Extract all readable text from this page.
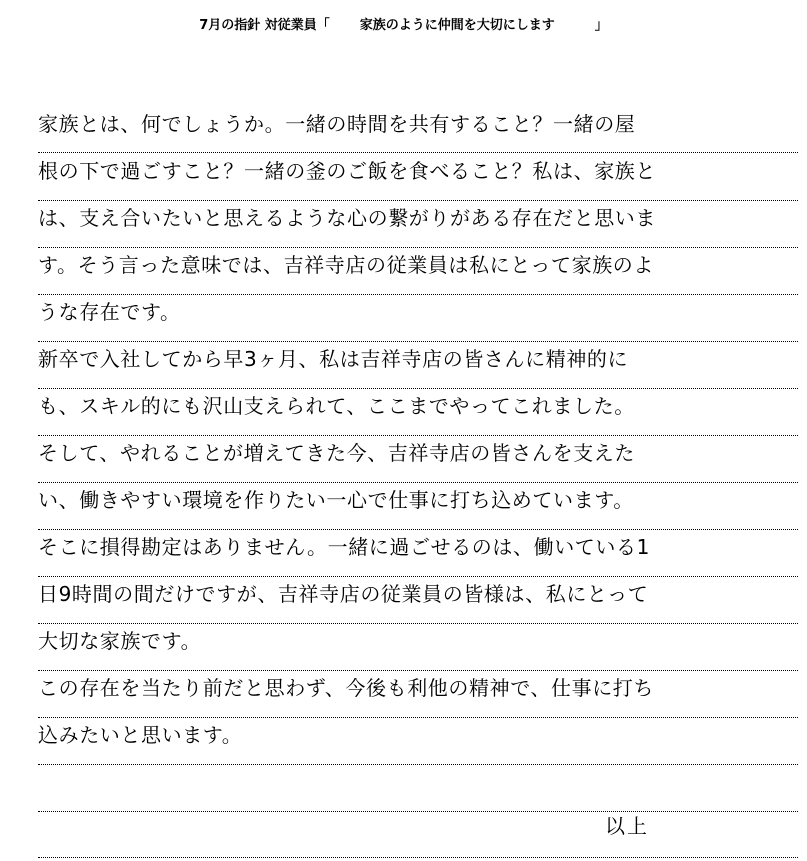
7月の指針 対従業員「 家族のように仲間を大切にします	」
家族とは、何でしょうか。一緒の時間を共有すること？一緒の屋
根の下で過ごすこと？一緒の釜のご飯を食べること？私は、家族と
は、支え合いたいと思えるような心の繋がりがある存在だと思いま
す。そう言った意味では、吉祥寺店の従業員は私にとって家族のよ
うな存在です。
新卒で入社してから早3ヶ月、私は吉祥寺店の皆さんに精神的に
も、スキル的にも沢山支えられて、ここまでやってこれました。
そして、やれることが増えてきた今、吉祥寺店の皆さんを支えた
い、働きやすい環境を作りたい一心で仕事に打ち込めています。
そこに損得勘定はありません。一緒に過ごせるのは、働いている1
日9時間の間だけですが、吉祥寺店の従業員の皆様は、私にとって
大切な家族です。
この存在を当たり前だと思わず、今後も利他の精神で、仕事に打ち
込みたいと思います。
以上
